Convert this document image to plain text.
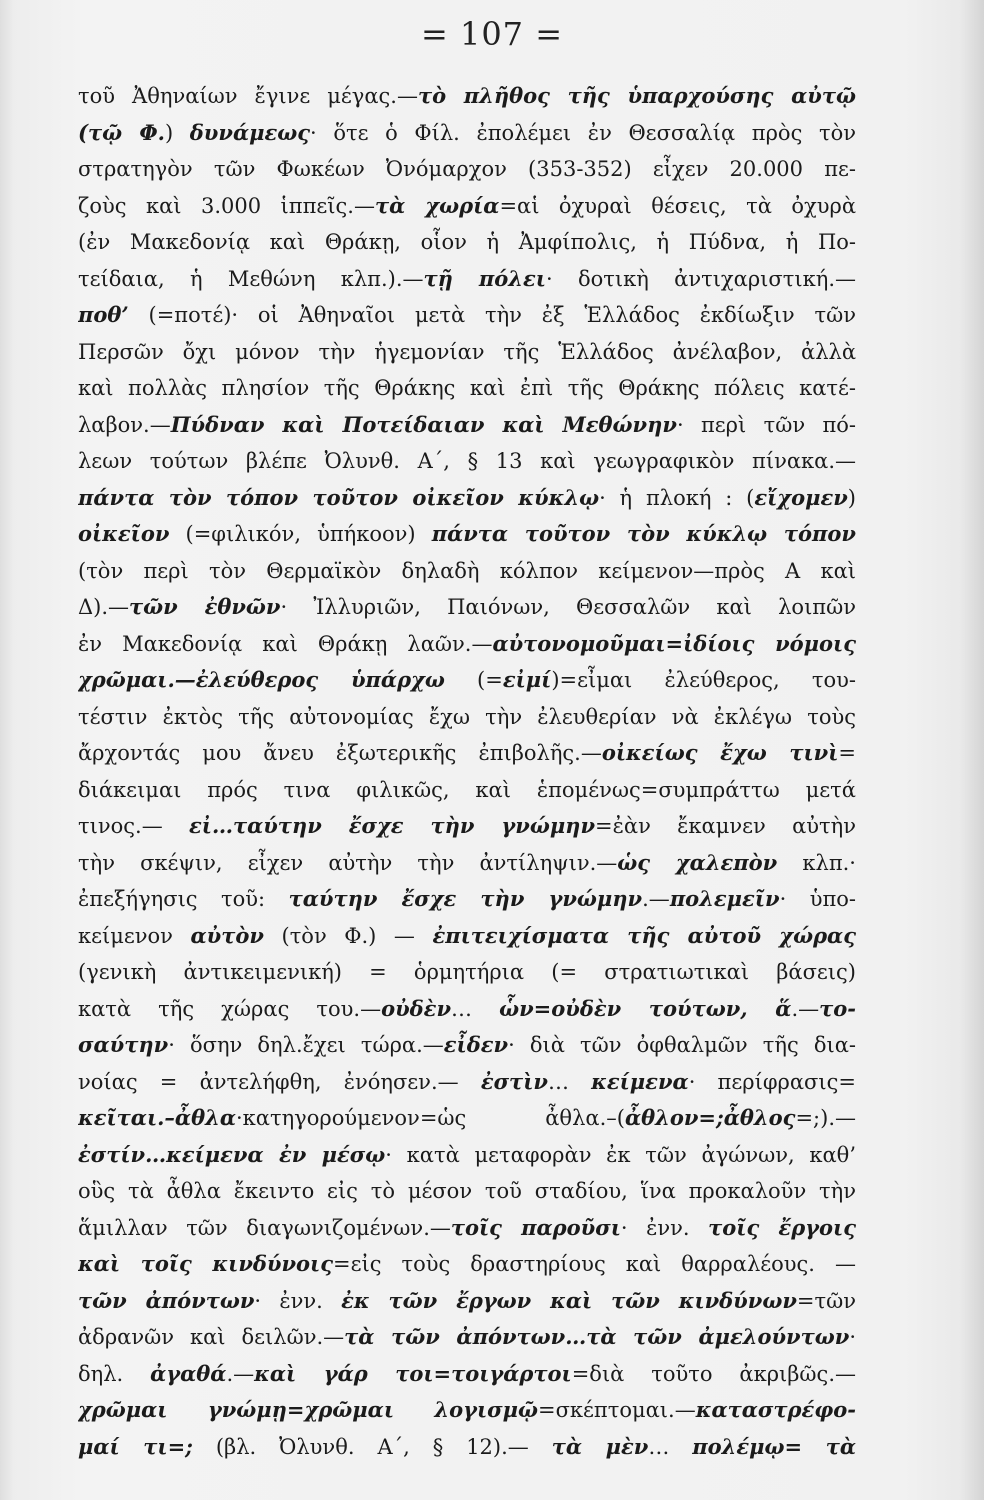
= 107 =
τοῦ Ἀθηναίων ἔγινε μέγας.—τὸ πλῆθος τῆς ὑπαρχούσης αὐτῷ
(τῷ Φ.) δυνάμεως· ὅτε ὁ Φίλ. ἐπολέμει ἐν Θεσσαλίᾳ πρὸς τὸν
στρατηγὸν τῶν Φωκέων Ὀνόμαρχον (353-352) εἶχεν 20.000 πε-
ζοὺς καὶ 3.000 ἱππεῖς.—τὰ χωρία=αἱ ὀχυραὶ θέσεις, τὰ ὀχυρὰ
(ἐν Μακεδονίᾳ καὶ Θράκῃ, οἷον ἡ Ἀμφίπολις, ἡ Πύδνα, ἡ Πο-
τείδαια, ἡ Μεθώνη κλπ.).—τῇ πόλει· δοτικὴ ἀντιχαριστική.—
ποθ’ (=ποτέ)· οἱ Ἀθηναῖοι μετὰ τὴν ἐξ Ἑλλάδος ἐκδίωξιν τῶν
Περσῶν ὄχι μόνον τὴν ἡγεμονίαν τῆς Ἑλλάδος ἀνέλαβον, ἀλλὰ
καὶ πολλὰς πλησίον τῆς Θράκης καὶ ἐπὶ τῆς Θράκης πόλεις κατέ-
λαβον.—Πύδναν καὶ Ποτείδαιαν καὶ Μεθώνην· περὶ τῶν πό-
λεων τούτων βλέπε Ὀλυνθ. Α΄, § 13 καὶ γεωγραφικὸν πίνακα.—
πάντα τὸν τόπον τοῦτον οἰκεῖον κύκλῳ· ἡ πλοκή : (εἴχομεν)
οἰκεῖον (=φιλικόν, ὑπήκοον) πάντα τοῦτον τὸν κύκλῳ τόπον
(τὸν περὶ τὸν Θερμαϊκὸν δηλαδὴ κόλπον κείμενον—πρὸς Α καὶ
Δ).—τῶν ἐθνῶν· Ἰλλυριῶν, Παιόνων, Θεσσαλῶν καὶ λοιπῶν
ἐν Μακεδονίᾳ καὶ Θράκῃ λαῶν.—αὐτονομοῦμαι=ἰδίοις νόμοις
χρῶμαι.—ἐλεύθερος ὑπάρχω (=εἰμί)=εἶμαι ἐλεύθερος, του-
τέστιν ἐκτὸς τῆς αὐτονομίας ἔχω τὴν ἐλευθερίαν νὰ ἐκλέγω τοὺς
ἄρχοντάς μου ἄνευ ἐξωτερικῆς ἐπιβολῆς.—οἰκείως ἔχω τινὶ=
διάκειμαι πρός τινα φιλικῶς, καὶ ἑπομένως=συμπράττω μετά
τινος.— εἰ…ταύτην ἔσχε τὴν γνώμην=ἐὰν ἔκαμνεν αὐτὴν
τὴν σκέψιν, εἶχεν αὐτὴν τὴν ἀντίληψιν.—ὡς χαλεπὸν κλπ.·
ἐπεξήγησις τοῦ: ταύτην ἔσχε τὴν γνώμην.—πολεμεῖν· ὑπο-
κείμενον αὐτὸν (τὸν Φ.) — ἐπιτειχίσματα τῆς αὐτοῦ χώρας
(γενικὴ ἀντικειμενική) = ὁρμητήρια (= στρατιωτικαὶ βάσεις)
κατὰ τῆς χώρας του.—οὐδὲν… ὧν=οὐδὲν τούτων, ἅ.—το-
σαύτην· ὅσην δηλ.ἔχει τώρα.—εἶδεν· διὰ τῶν ὀφθαλμῶν τῆς δια-
νοίας = ἀντελήφθη, ἐνόησεν.— ἐστὶν… κείμενα· περίφρασις=
κεῖται.–ἆθλα·κατηγορούμενον=ὡς ἆθλα.–(ἆθλον=;ἆθλος=;).—
ἐστίν…κείμενα ἐν μέσῳ· κατὰ μεταφορὰν ἐκ τῶν ἀγώνων, καθ’
οὓς τὰ ἆθλα ἔκειντο εἰς τὸ μέσον τοῦ σταδίου, ἵνα προκαλοῦν τὴν
ἅμιλλαν τῶν διαγωνιζομένων.—τοῖς παροῦσι· ἐνν. τοῖς ἔργοις
καὶ τοῖς κινδύνοις=εἰς τοὺς δραστηρίους καὶ θαρραλέους. —
τῶν ἀπόντων· ἐνν. ἐκ τῶν ἔργων καὶ τῶν κινδύνων=τῶν
ἀδρανῶν καὶ δειλῶν.—τὰ τῶν ἀπόντων…τὰ τῶν ἀμελούντων·
δηλ. ἀγαθά.—καὶ γάρ τοι=τοιγάρτοι=διὰ τοῦτο ἀκριβῶς.—
χρῶμαι γνώμῃ=χρῶμαι λογισμῷ=σκέπτομαι.—καταστρέφο-
μαί τι=; (βλ. Ὀλυνθ. Α΄, § 12).— τὰ μὲν… πολέμῳ= τὰ
